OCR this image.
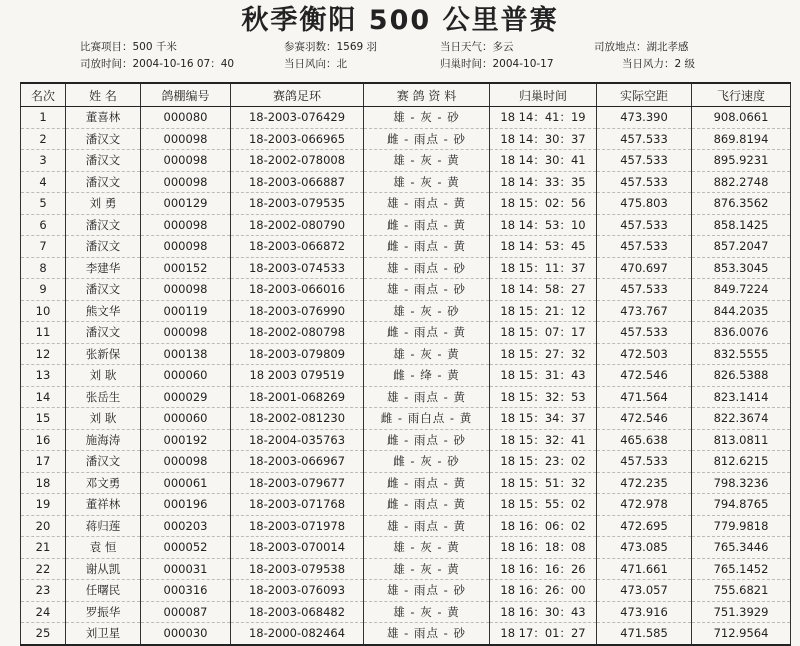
秋季衡阳 500 公里普赛
比赛项目：500 千米	参赛羽数：1569 羽	当日天气：多云	司放地点：湖北孝感
司放时间：2004-10-16 07：40	当日风向：北	归巢时间：2004-10-17	当日风力：2 级
名次	姓 名	鸽棚编号	赛鸽足环	赛 鸽 资 料	归巢时间	实际空距	飞行速度
1	董喜林	000080	18-2003-076429	雄 - 灰 - 砂	18 14：41：19	473.390	908.0661
2	潘汉文	000098	18-2003-066965	雌 - 雨点 - 砂	18 14：30：37	457.533	869.8194
3	潘汉文	000098	18-2002-078008	雄 - 灰 - 黄	18 14：30：41	457.533	895.9231
4	潘汉文	000098	18-2003-066887	雄 - 灰 - 黄	18 14：33：35	457.533	882.2748
5	刘 勇	000129	18-2003-079535	雄 - 雨点 - 黄	18 15：02：56	475.803	876.3562
6	潘汉文	000098	18-2002-080790	雌 - 雨点 - 黄	18 14：53：10	457.533	858.1425
7	潘汉文	000098	18-2003-066872	雌 - 雨点 - 黄	18 14：53：45	457.533	857.2047
8	李建华	000152	18-2003-074533	雄 - 雨点 - 砂	18 15：11：37	470.697	853.3045
9	潘汉文	000098	18-2003-066016	雄 - 雨点 - 砂	18 14：58：27	457.533	849.7224
10	熊文华	000119	18-2003-076990	雄 - 灰 - 砂	18 15：21：12	473.767	844.2035
11	潘汉文	000098	18-2002-080798	雌 - 雨点 - 黄	18 15：07：17	457.533	836.0076
12	张新保	000138	18-2003-079809	雄 - 灰 - 黄	18 15：27：32	472.503	832.5555
13	刘 耿	000060	18 2003 079519	雌 - 绛 - 黄	18 15：31：43	472.546	826.5388
14	张岳生	000029	18-2001-068269	雄 - 雨点 - 黄	18 15：32：53	471.564	823.1414
15	刘 耿	000060	18-2002-081230	雌 - 雨白点 - 黄	18 15：34：37	472.546	822.3674
16	施海涛	000192	18-2004-035763	雌 - 雨点 - 砂	18 15：32：41	465.638	813.0811
17	潘汉文	000098	18-2003-066967	雌 - 灰 - 砂	18 15：23：02	457.533	812.6215
18	邓文勇	000061	18-2003-079677	雌 - 雨点 - 黄	18 15：51：32	472.235	798.3236
19	董祥林	000196	18-2003-071768	雌 - 雨点 - 黄	18 15：55：02	472.978	794.8765
20	蒋归莲	000203	18-2003-071978	雄 - 雨点 - 黄	18 16：06：02	472.695	779.9818
21	袁 恒	000052	18-2003-070014	雄 - 灰 - 黄	18 16：18：08	473.085	765.3446
22	谢从凯	000031	18-2003-079538	雄 - 灰 - 黄	18 16：16：26	471.661	765.1452
23	任曙民	000316	18-2003-076093	雄 - 雨点 - 砂	18 16：26：00	473.057	755.6821
24	罗振华	000087	18-2003-068482	雄 - 灰 - 黄	18 16：30：43	473.916	751.3929
25	刘卫星	000030	18-2000-082464	雄 - 雨点 - 砂	18 17：01：27	471.585	712.9564
